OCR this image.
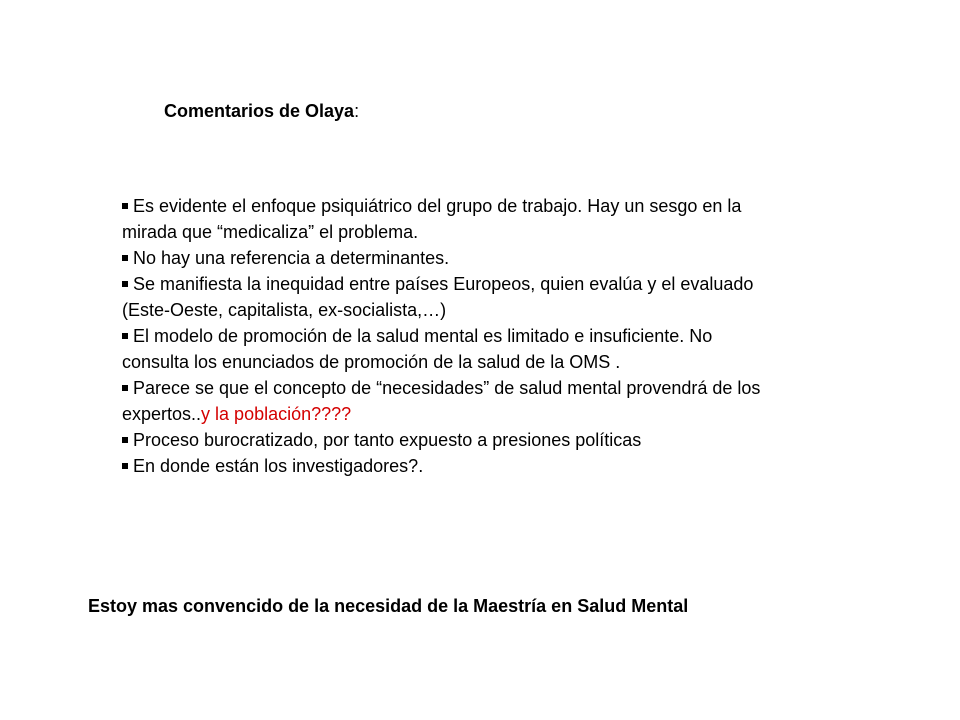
Comentarios de Olaya:
Es evidente el enfoque psiquiátrico del grupo de trabajo. Hay un sesgo en la mirada que “medicaliza” el problema.
No hay una referencia a determinantes.
Se manifiesta la inequidad entre países Europeos, quien evalúa y el evaluado (Este-Oeste, capitalista, ex-socialista,…)
El modelo de promoción de la salud mental es limitado e insuficiente. No consulta los enunciados de promoción de la salud de la OMS .
Parece se que el concepto de “necesidades” de salud mental provendrá de los expertos..y la población????
Proceso burocratizado, por tanto expuesto a presiones políticas
En donde están los investigadores?.
Estoy mas convencido de la necesidad de la Maestría en Salud Mental
